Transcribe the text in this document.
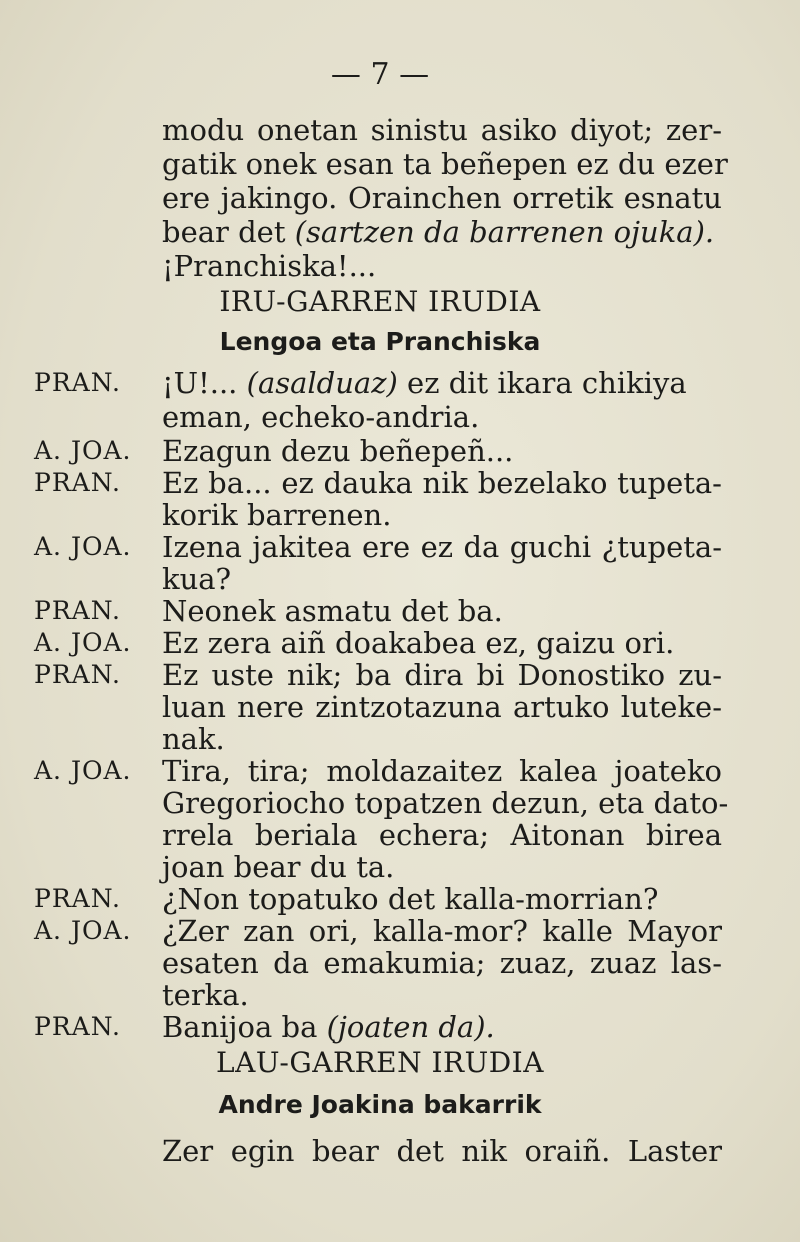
— 7 —
modu onetan sinistu asiko diyot; zer-
gatik onek esan ta beñepen ez du ezer
ere jakingo. Orainchen orretik esnatu
bear det (sartzen da barrenen ojuka).
¡Pranchiska!...
IRU-GARREN IRUDIA
Lengoa eta Pranchiska
PRAN. ¡U!... (asalduaz) ez dit ikara chikiya
eman, echeko-andria.
A. JOA. Ezagun dezu beñepeñ...
PRAN. Ez ba... ez dauka nik bezelako tupeta-
korik barrenen.
A. JOA. Izena jakitea ere ez da guchi ¿tupeta-
kua?
PRAN. Neonek asmatu det ba.
A. JOA. Ez zera aiñ doakabea ez, gaizu ori.
PRAN. Ez uste nik; ba dira bi Donostiko zu-
luan nere zintzotazuna artuko luteke-
nak.
A. JOA. Tira, tira; moldazaitez kalea joateko
Gregoriocho topatzen dezun, eta dato-
rrela beriala echera; Aitonan birea
joan bear du ta.
PRAN. ¿Non topatuko det kalla-morrian?
A. JOA. ¿Zer zan ori, kalla-mor? kalle Mayor
esaten da emakumia; zuaz, zuaz las-
terka.
PRAN. Banijoa ba (joaten da).
LAU-GARREN IRUDIA
Andre Joakina bakarrik
Zer egin bear det nik oraiñ. Laster
